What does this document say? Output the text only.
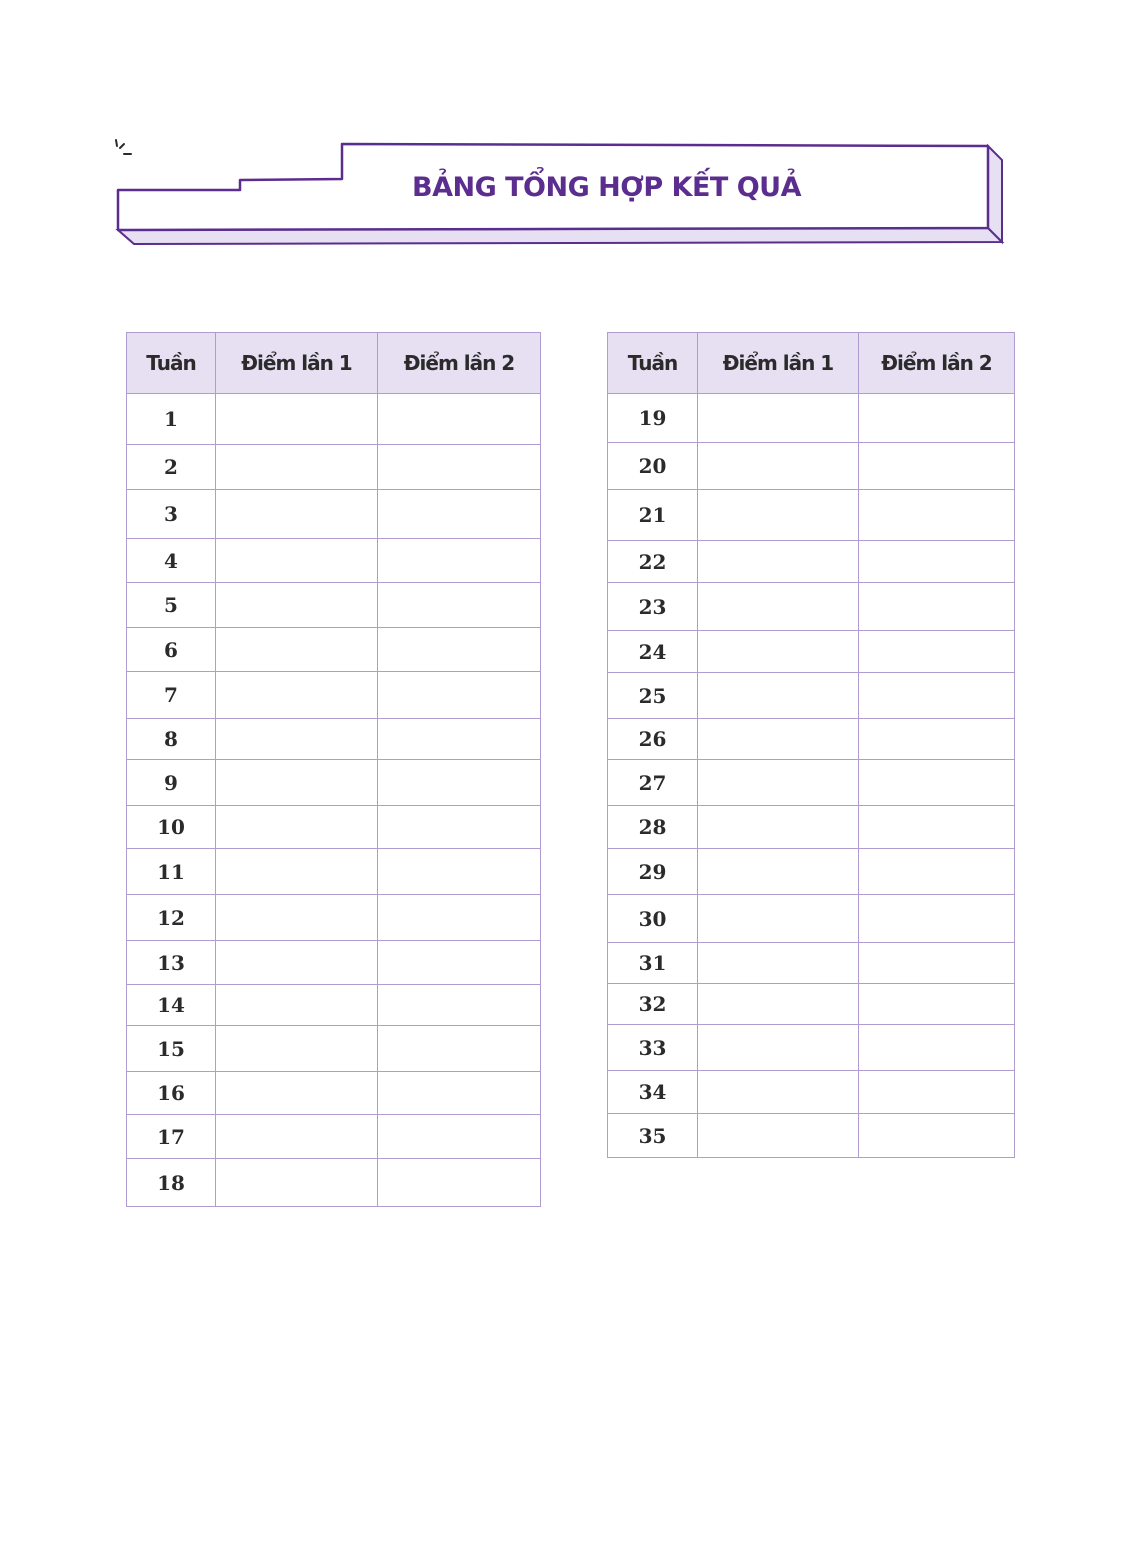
BẢNG TỔNG HỢP KẾT QUẢ
Tuần	Điểm lần 1	Điểm lần 2
1		
2		
3		
4		
5		
6		
7		
8		
9		
10		
11		
12		
13		
14		
15		
16		
17		
18		
Tuần	Điểm lần 1	Điểm lần 2
19		
20		
21		
22		
23		
24		
25		
26		
27		
28		
29		
30		
31		
32		
33		
34		
35		
